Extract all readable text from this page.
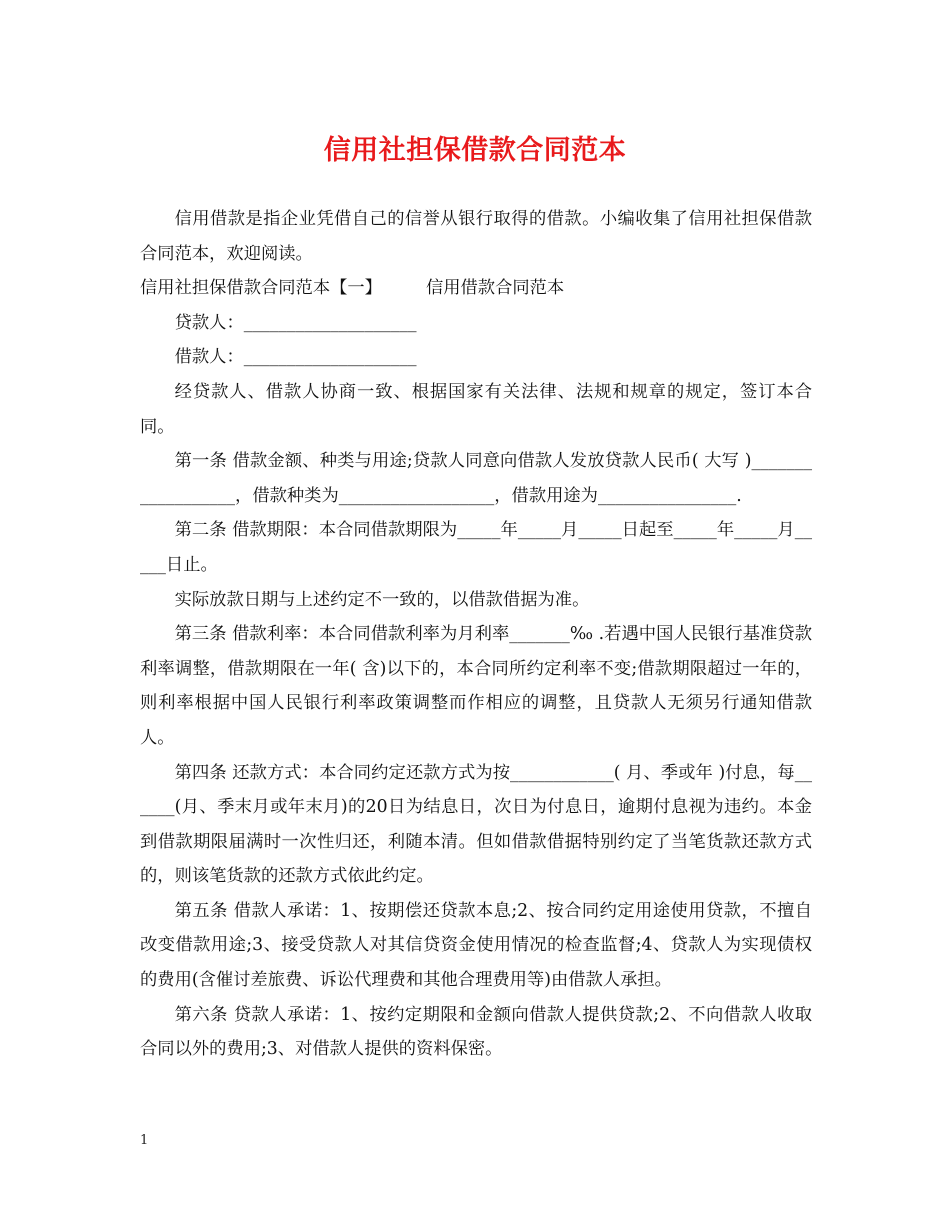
信用社担保借款合同范本

信用借款是指企业凭借自己的信誉从银行取得的借款。小编收集了信用社担保借款合同范本，欢迎阅读。

信用社担保借款合同范本【一】	信用借款合同范本

贷款人：____________________

借款人：____________________

经贷款人、借款人协商一致、根据国家有关法律、法规和规章的规定，签订本合同。

第一条 借款金额、种类与用途;贷款人同意向借款人发放贷款人民币( 大写 )__________________，借款种类为__________________，借款用途为________________.

第二条 借款期限：本合同借款期限为_____年_____月_____日起至_____年_____月_____日止。

实际放款日期与上述约定不一致的，以借款借据为准。

第三条 借款利率：本合同借款利率为月利率_______‰ .若遇中国人民银行基准贷款利率调整，借款期限在一年( 含)以下的，本合同所约定利率不变;借款期限超过一年的，则利率根据中国人民银行利率政策调整而作相应的调整，且贷款人无须另行通知借款人。

第四条 还款方式：本合同约定还款方式为按____________( 月、季或年 )付息，每______(月、季末月或年末月)的20日为结息日，次日为付息日，逾期付息视为违约。本金到借款期限届满时一次性归还，利随本清。但如借款借据特别约定了当笔货款还款方式的，则该笔货款的还款方式依此约定。

第五条 借款人承诺：1、按期偿还贷款本息;2、按合同约定用途使用贷款，不擅自改变借款用途;3、接受贷款人对其信贷资金使用情况的检查监督;4、贷款人为实现债权的费用(含催讨差旅费、诉讼代理费和其他合理费用等)由借款人承担。

第六条 贷款人承诺：1、按约定期限和金额向借款人提供贷款;2、不向借款人收取合同以外的费用;3、对借款人提供的资料保密。

1
